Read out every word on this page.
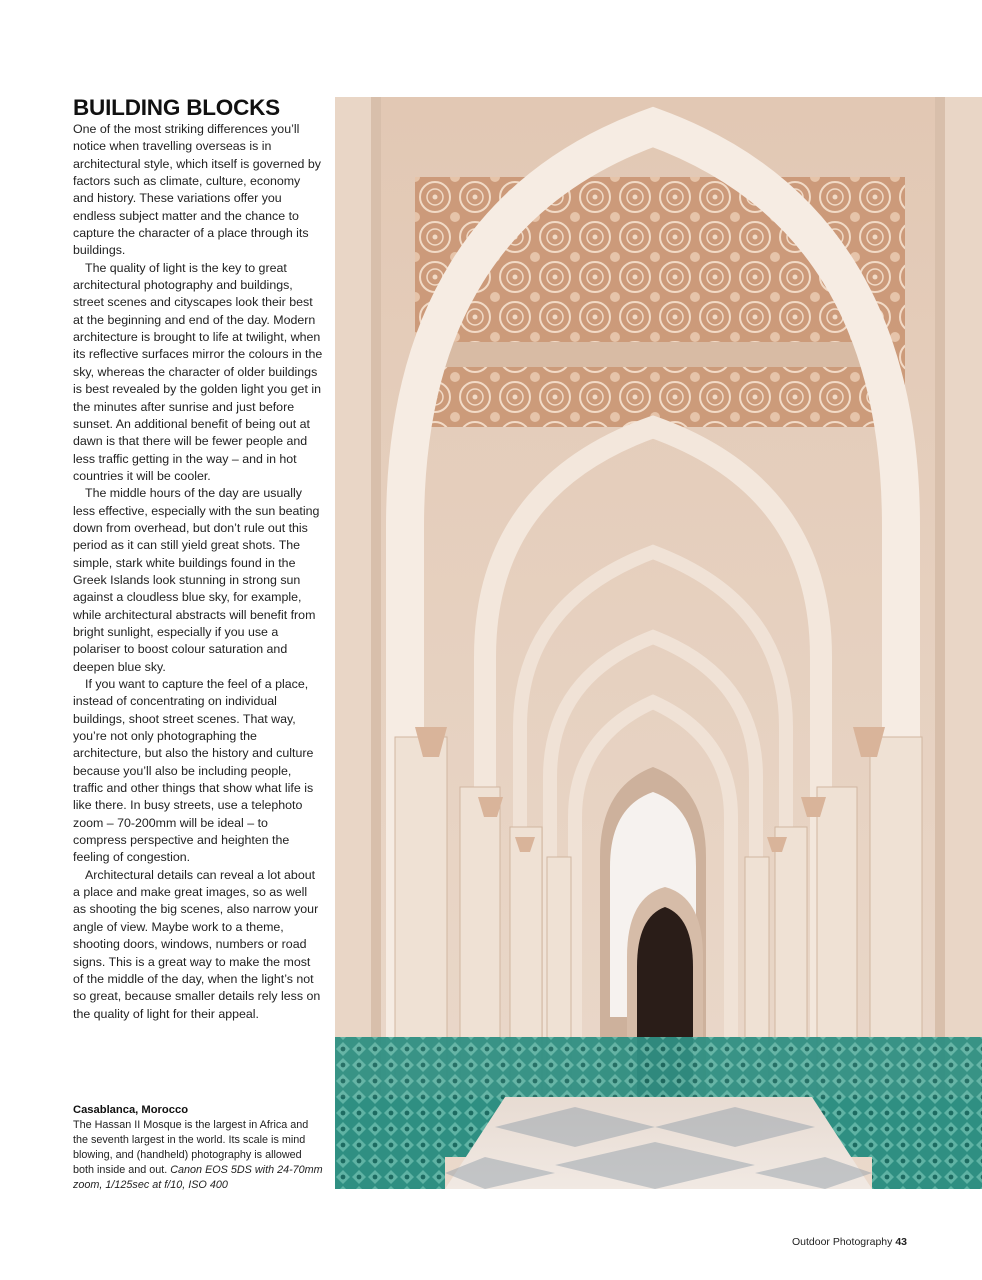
BUILDING BLOCKS

One of the most striking differences you’ll notice when travelling overseas is in architectural style, which itself is governed by factors such as climate, culture, economy and history. These variations offer you endless subject matter and the chance to capture the character of a place through its buildings.

The quality of light is the key to great architectural photography and buildings, street scenes and cityscapes look their best at the beginning and end of the day. Modern architecture is brought to life at twilight, when its reflective surfaces mirror the colours in the sky, whereas the character of older buildings is best revealed by the golden light you get in the minutes after sunrise and just before sunset. An additional benefit of being out at dawn is that there will be fewer people and less traffic getting in the way – and in hot countries it will be cooler.

The middle hours of the day are usually less effective, especially with the sun beating down from overhead, but don’t rule out this period as it can still yield great shots. The simple, stark white buildings found in the Greek Islands look stunning in strong sun against a cloudless blue sky, for example, while architectural abstracts will benefit from bright sunlight, especially if you use a polariser to boost colour saturation and deepen blue sky.

If you want to capture the feel of a place, instead of concentrating on individual buildings, shoot street scenes. That way, you’re not only photographing the architecture, but also the history and culture because you’ll also be including people, traffic and other things that show what life is like there. In busy streets, use a telephoto zoom – 70-200mm will be ideal – to compress perspective and heighten the feeling of congestion.

Architectural details can reveal a lot about a place and make great images, so as well as shooting the big scenes, also narrow your angle of view. Maybe work to a theme, shooting doors, windows, numbers or road signs. This is a great way to make the most of the middle of the day, when the light’s not so great, because smaller details rely less on the quality of light for their appeal.

Casablanca, Morocco

The Hassan II Mosque is the largest in Africa and the seventh largest in the world. Its scale is mind blowing, and (handheld) photography is allowed both inside and out. Canon EOS 5DS with 24-70mm zoom, 1/125sec at f/10, ISO 400

Outdoor Photography 43
